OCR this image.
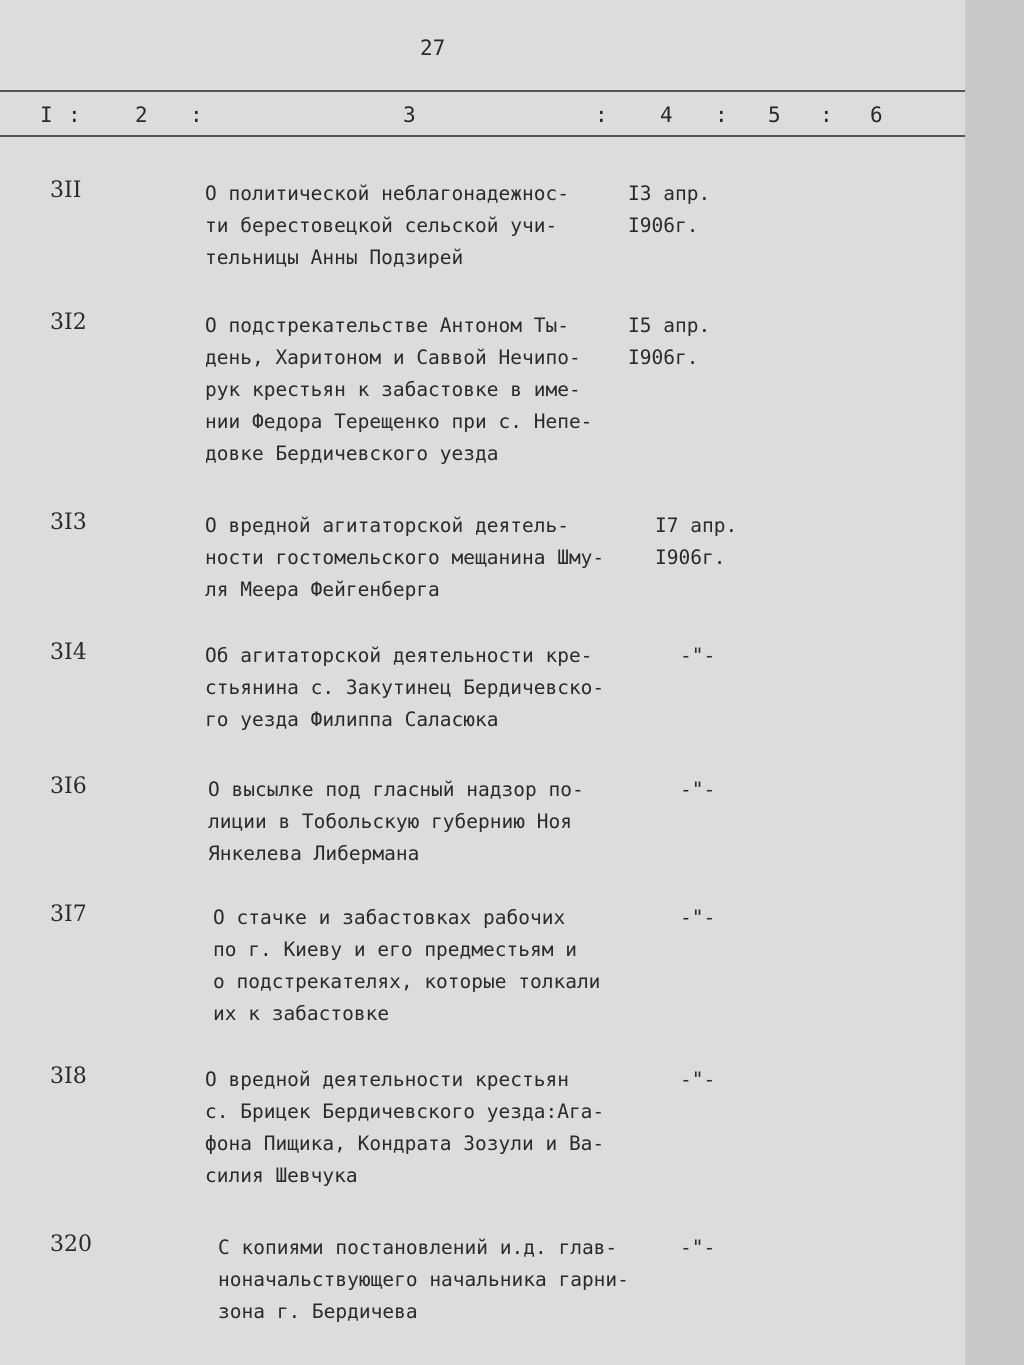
27
I :	2 :	3	: 4 : 5 : 6
3II	О политической неблагонадежнос-
ти берестовецкой сельской учи-
тельницы Анны Подзирей
I3 апр.
I906г.
3I2	О подстрекательстве Антоном Ты-
день, Харитоном и Саввой Нечипо-
рук крестьян к забастовке в име-
нии Федора Терещенко при с. Непе-
довке Бердичевского уезда
I5 апр.
I906г.
3I3	О вредной агитаторской деятель-
ности гостомельского мещанина Шму-
ля Меера Фейгенберга
I7 апр.
I906г.
3I4	Об агитаторской деятельности кре-
стьянина с. Закутинец Бердичевско-
го уезда Филиппа Саласюка
-"-
3I6	О высылке под гласный надзор по-
лиции в Тобольскую губернию Ноя
Янкелева Либермана
-"-
3I7	О стачке и забастовках рабочих
по г. Киеву и его предместьям и
о подстрекателях, которые толкали
их к забастовке
-"-
3I8	О вредной деятельности крестьян
с. Брицек Бердичевского уезда:Ага-
фона Пищика, Кондрата Зозули и Ва-
силия Шевчука
-"-
320	С копиями постановлений и.д. глав-
ноначальствующего начальника гарни-
зона г. Бердичева
-"-
